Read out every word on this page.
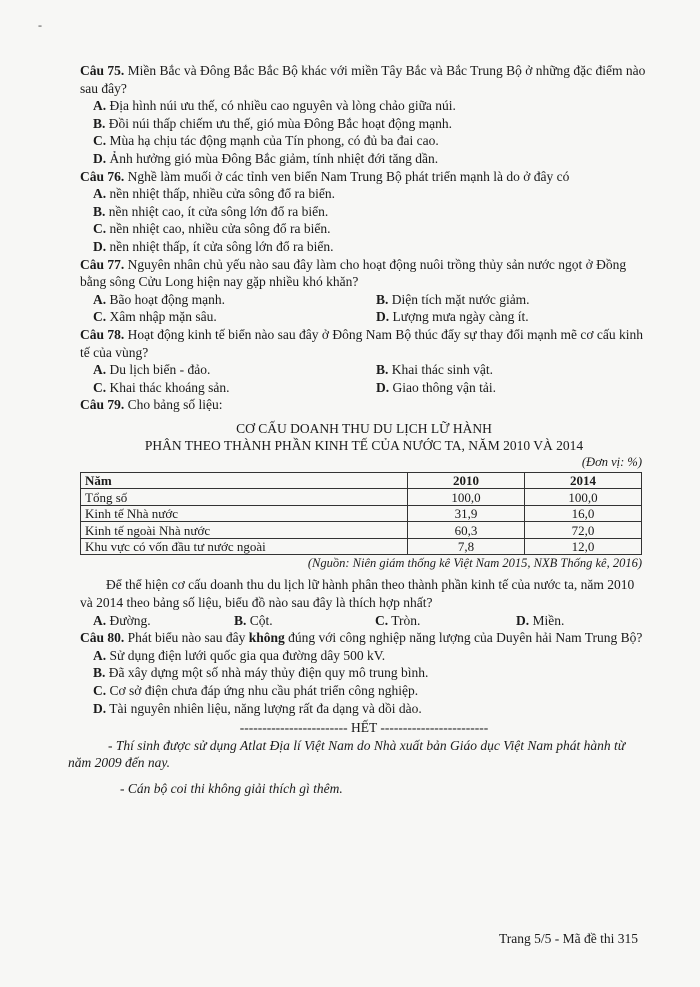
-

Câu 75. Miền Bắc và Đông Bắc Bắc Bộ khác với miền Tây Bắc và Bắc Trung Bộ ở những đặc điểm nào sau đây?

A. Địa hình núi ưu thế, có nhiều cao nguyên và lòng chảo giữa núi.
B. Đồi núi thấp chiếm ưu thế, gió mùa Đông Bắc hoạt động mạnh.
C. Mùa hạ chịu tác động mạnh của Tín phong, có đủ ba đai cao.
D. Ảnh hưởng gió mùa Đông Bắc giảm, tính nhiệt đới tăng dần.

Câu 76. Nghề làm muối ở các tỉnh ven biển Nam Trung Bộ phát triển mạnh là do ở đây có

A. nền nhiệt thấp, nhiều cửa sông đổ ra biển.
B. nền nhiệt cao, ít cửa sông lớn đổ ra biển.
C. nền nhiệt cao, nhiều cửa sông đổ ra biển.
D. nền nhiệt thấp, ít cửa sông lớn đổ ra biển.

Câu 77. Nguyên nhân chủ yếu nào sau đây làm cho hoạt động nuôi trồng thủy sản nước ngọt ở Đồng bằng sông Cửu Long hiện nay gặp nhiều khó khăn?

A. Bão hoạt động mạnh.	B. Diện tích mặt nước giảm.
C. Xâm nhập mặn sâu.	D. Lượng mưa ngày càng ít.

Câu 78. Hoạt động kinh tế biển nào sau đây ở Đông Nam Bộ thúc đẩy sự thay đổi mạnh mẽ cơ cấu kinh tế của vùng?

A. Du lịch biển - đảo.	B. Khai thác sinh vật.
C. Khai thác khoáng sản.	D. Giao thông vận tải.

Câu 79. Cho bảng số liệu:

CƠ CẤU DOANH THU DU LỊCH LỮ HÀNH
PHÂN THEO THÀNH PHẦN KINH TẾ CỦA NƯỚC TA, NĂM 2010 VÀ 2014
(Đơn vị: %)
Năm	2010	2014
Tổng số	100,0	100,0
Kinh tế Nhà nước	31,9	16,0
Kinh tế ngoài Nhà nước	60,3	72,0
Khu vực có vốn đầu tư nước ngoài	7,8	12,0
(Nguồn: Niên giám thống kê Việt Nam 2015, NXB Thống kê, 2016)
Để thể hiện cơ cấu doanh thu du lịch lữ hành phân theo thành phần kinh tế của nước ta, năm 2010 và 2014 theo bảng số liệu, biểu đồ nào sau đây là thích hợp nhất?
A. Đường.	B. Cột.	C. Tròn.	D. Miền.

Câu 80. Phát biểu nào sau đây không đúng với công nghiệp năng lượng của Duyên hải Nam Trung Bộ?

A. Sử dụng điện lưới quốc gia qua đường dây 500 kV.
B. Đã xây dựng một số nhà máy thủy điện quy mô trung bình.
C. Cơ sở điện chưa đáp ứng nhu cầu phát triển công nghiệp.
D. Tài nguyên nhiên liệu, năng lượng rất đa dạng và dồi dào.
------------------------ HẾT ------------------------
- Thí sinh được sử dụng Atlat Địa lí Việt Nam do Nhà xuất bản Giáo dục Việt Nam phát hành từ năm 2009 đến nay.
- Cán bộ coi thi không giải thích gì thêm.
Trang 5/5 - Mã đề thi 315
